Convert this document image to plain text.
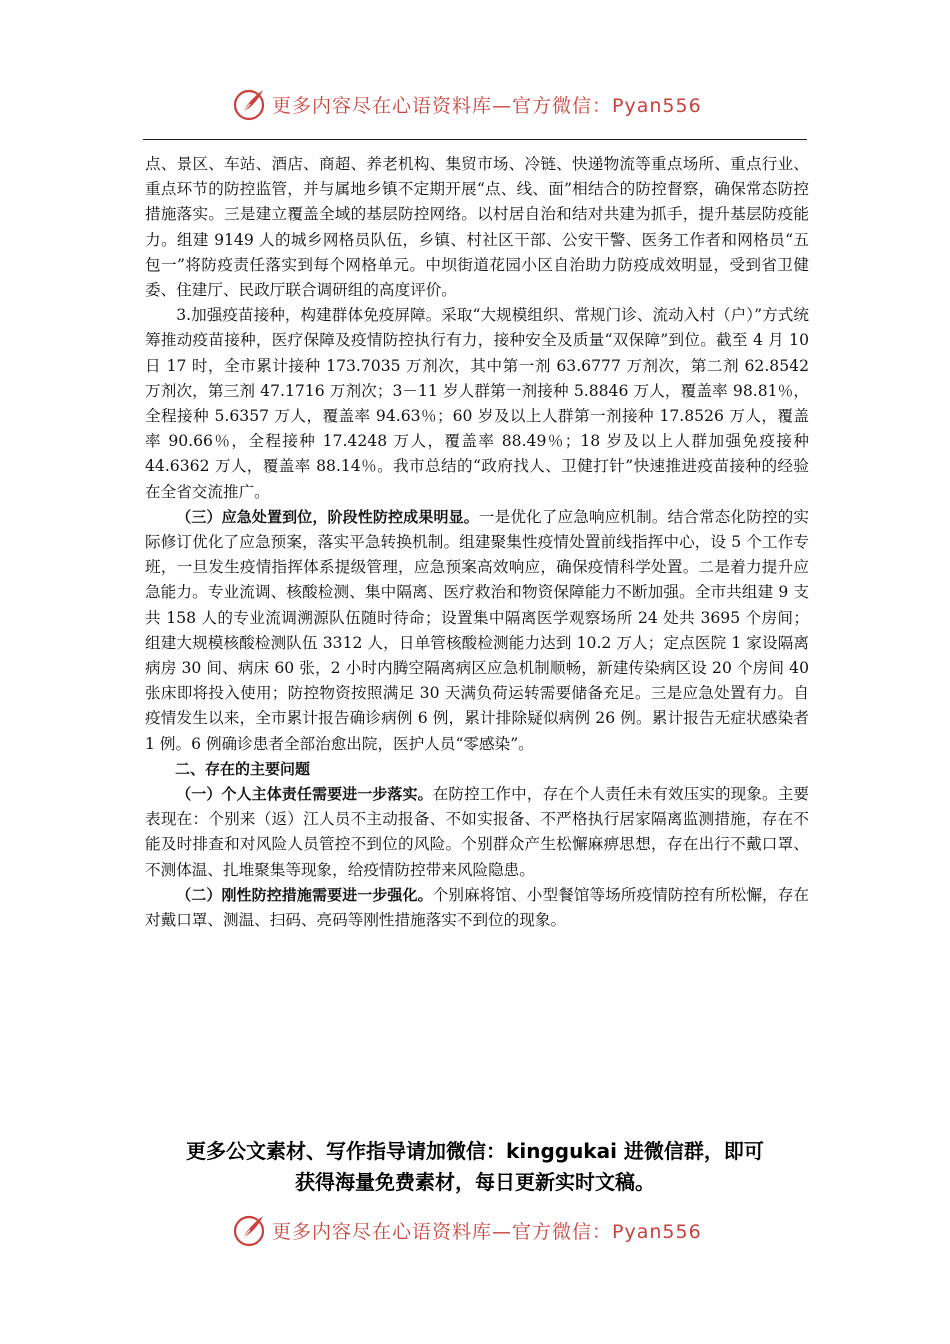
更多内容尽在心语资料库—官方微信：Pyan556

点、景区、车站、酒店、商超、养老机构、集贸市场、冷链、快递物流等重点场所、重点行业、重点环节的防控监管，并与属地乡镇不定期开展“点、线、面”相结合的防控督察，确保常态防控措施落实。三是建立覆盖全域的基层防控网络。以村居自治和结对共建为抓手，提升基层防疫能力。组建 9149 人的城乡网格员队伍，乡镇、村社区干部、公安干警、医务工作者和网格员“五包一”将防疫责任落实到每个网格单元。中坝街道花园小区自治助力防疫成效明显，受到省卫健委、住建厅、民政厅联合调研组的高度评价。

3.加强疫苗接种，构建群体免疫屏障。采取“大规模组织、常规门诊、流动入村（户）”方式统筹推动疫苗接种，医疗保障及疫情防控执行有力，接种安全及质量“双保障”到位。截至 4 月 10 日 17 时，全市累计接种 173.7035 万剂次，其中第一剂 63.6777 万剂次，第二剂 62.8542 万剂次，第三剂 47.1716 万剂次；3－11 岁人群第一剂接种 5.8846 万人，覆盖率 98.81％，全程接种 5.6357 万人，覆盖率 94.63％；60 岁及以上人群第一剂接种 17.8526 万人，覆盖率 90.66％，全程接种 17.4248 万人，覆盖率 88.49％；18 岁及以上人群加强免疫接种 44.6362 万人，覆盖率 88.14％。我市总结的“政府找人、卫健打针”快速推进疫苗接种的经验在全省交流推广。

（三）应急处置到位，阶段性防控成果明显。一是优化了应急响应机制。结合常态化防控的实际修订优化了应急预案，落实平急转换机制。组建聚集性疫情处置前线指挥中心，设 5 个工作专班，一旦发生疫情指挥体系提级管理，应急预案高效响应，确保疫情科学处置。二是着力提升应急能力。专业流调、核酸检测、集中隔离、医疗救治和物资保障能力不断加强。全市共组建 9 支共 158 人的专业流调溯源队伍随时待命；设置集中隔离医学观察场所 24 处共 3695 个房间；组建大规模核酸检测队伍 3312 人，日单管核酸检测能力达到 10.2 万人；定点医院 1 家设隔离病房 30 间、病床 60 张，2 小时内腾空隔离病区应急机制顺畅，新建传染病区设 20 个房间 40 张床即将投入使用；防控物资按照满足 30 天满负荷运转需要储备充足。三是应急处置有力。自疫情发生以来，全市累计报告确诊病例 6 例，累计排除疑似病例 26 例。累计报告无症状感染者 1 例。6 例确诊患者全部治愈出院，医护人员“零感染”。

二、存在的主要问题

（一）个人主体责任需要进一步落实。在防控工作中，存在个人责任未有效压实的现象。主要表现在：个别来（返）江人员不主动报备、不如实报备、不严格执行居家隔离监测措施，存在不能及时排查和对风险人员管控不到位的风险。个别群众产生松懈麻痹思想，存在出行不戴口罩、不测体温、扎堆聚集等现象，给疫情防控带来风险隐患。

（二）刚性防控措施需要进一步强化。个别麻将馆、小型餐馆等场所疫情防控有所松懈，存在对戴口罩、测温、扫码、亮码等刚性措施落实不到位的现象。

更多公文素材、写作指导请加微信：kinggukai 进微信群，即可

获得海量免费素材，每日更新实时文稿。

更多内容尽在心语资料库—官方微信：Pyan556
